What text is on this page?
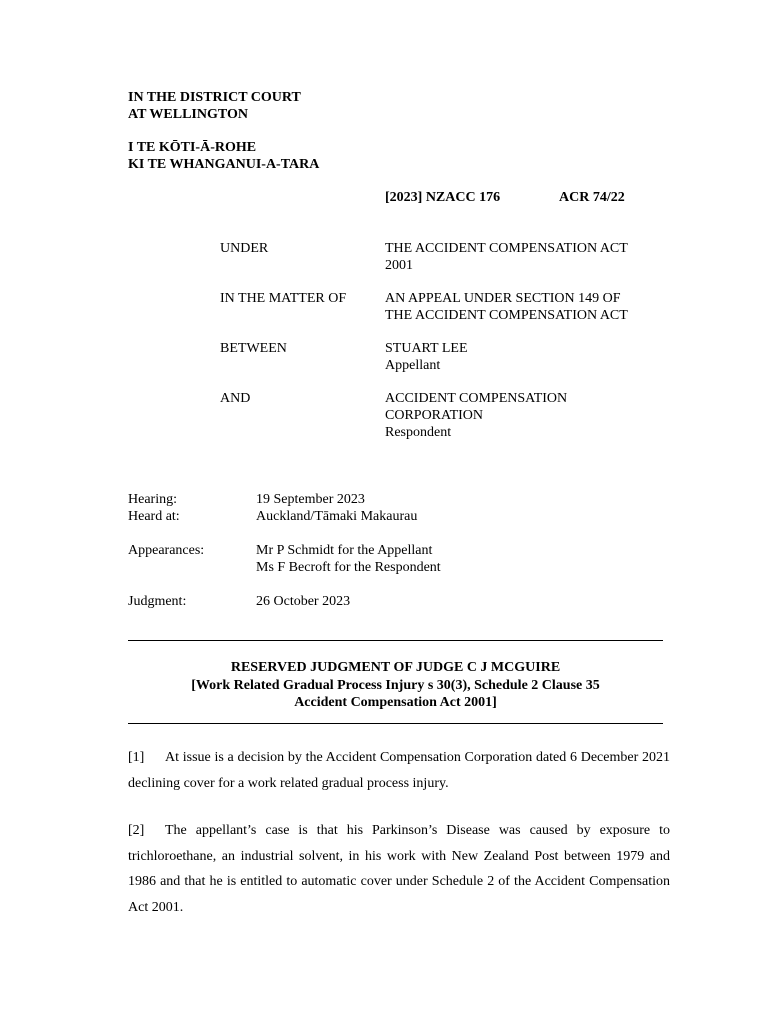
IN THE DISTRICT COURT
AT WELLINGTON
I TE KŌTI-Ā-ROHE
KI TE WHANGANUI-A-TARA
[2023] NZACC 176	ACR 74/22
UNDER	THE ACCIDENT COMPENSATION ACT
2001
IN THE MATTER OF	AN APPEAL UNDER SECTION 149 OF
THE ACCIDENT COMPENSATION ACT
BETWEEN	STUART LEE
Appellant
AND	ACCIDENT COMPENSATION
CORPORATION
Respondent
Hearing:	19 September 2023
Heard at:	Auckland/Tāmaki Makaurau
Appearances:	Mr P Schmidt for the Appellant
Ms F Becroft for the Respondent
Judgment:	26 October 2023
RESERVED JUDGMENT OF JUDGE C J MCGUIRE
[Work Related Gradual Process Injury s 30(3), Schedule 2 Clause 35
Accident Compensation Act 2001]
[1] At issue is a decision by the Accident Compensation Corporation dated 6 December 2021 declining cover for a work related gradual process injury.
[2] The appellant’s case is that his Parkinson’s Disease was caused by exposure to trichloroethane, an industrial solvent, in his work with New Zealand Post between 1979 and 1986 and that he is entitled to automatic cover under Schedule 2 of the Accident Compensation Act 2001.
